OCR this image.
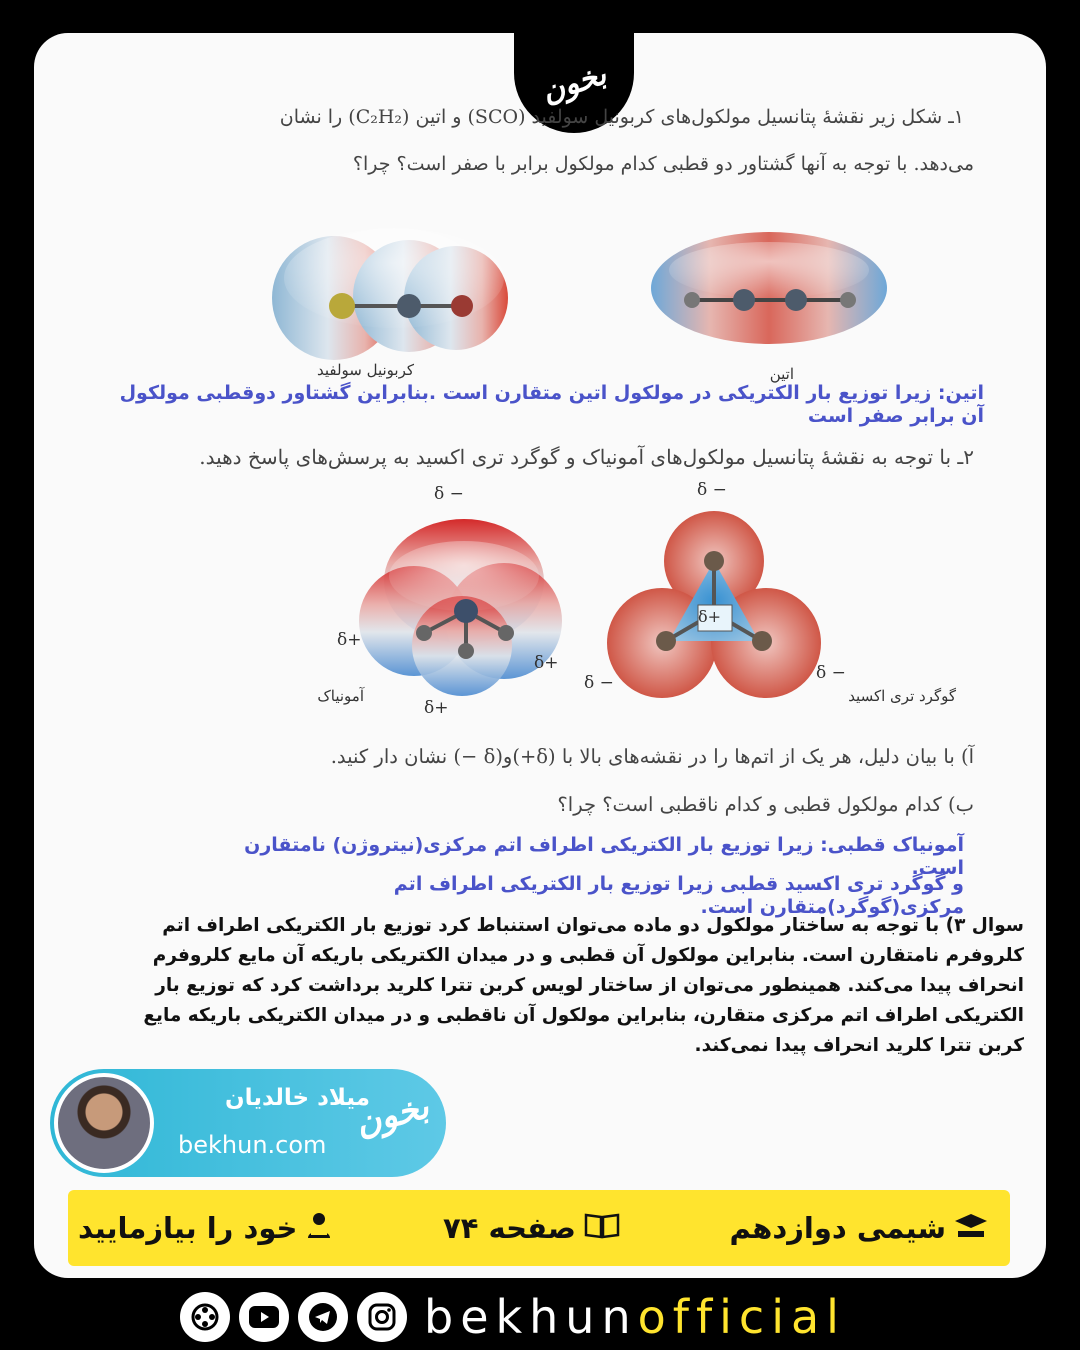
بخون
۱ـ شکل زیر نقشهٔ پتانسیل مولکول‌های کربونیل سولفید (SCO) و اتین (C₂H₂) را نشان
می‌دهد. با توجه به آنها گشتاور دو قطبی کدام مولکول برابر با صفر است؟ چرا؟
کربونیل سولفید	اتین
اتین: زیرا توزیع بار الکتریکی در مولکول اتین متقارن است .بنابراین گشتاور دوقطبی مولکول آن برابر صفر است
۲ـ با توجه به نقشهٔ پتانسیل مولکول‌های آمونیاک و گوگرد تری اکسید به پرسش‌های پاسخ دهید.
δ −
δ+
δ+
δ+
آمونیاک
δ+
δ −
δ −	δ −
گوگرد تری اکسید
آ) با بیان دلیل، هر یک از اتم‌ها را در نقشه‌های بالا با (δ+)و(δ −) نشان دار کنید.
ب) کدام مولکول قطبی و کدام ناقطبی است؟ چرا؟
آمونیاک قطبی: زیرا توزیع بار الکتریکی اطراف اتم مرکزی(نیتروژن) نامتقارن است.
و گوگرد تری اکسید قطبی زیرا توزیع بار الکتریکی اطراف اتم مرکزی(گوگرد)متقارن است.
سوال ۳) با توجه به ساختار مولکول دو ماده می‌توان استنباط کرد توزیع بار الکتریکی اطراف اتم کلروفرم نامتقارن است. بنابراین مولکول آن قطبی و در میدان الکتریکی باریکه آن مایع کلروفرم انحراف پیدا می‌کند. همینطور می‌توان از ساختار لویس کربن تترا کلرید برداشت کرد که توزیع بار الکتریکی اطراف اتم مرکزی متقارن، بنابراین مولکول آن ناقطبی و در میدان الکتریکی باریکه مایع کربن تترا کلرید انحراف پیدا نمی‌کند.
میلاد خالدیان
bekhun.com
بخون
خود را بیازمایید	صفحه ۷۴	شیمی دوازدهم
bekhunofficial
